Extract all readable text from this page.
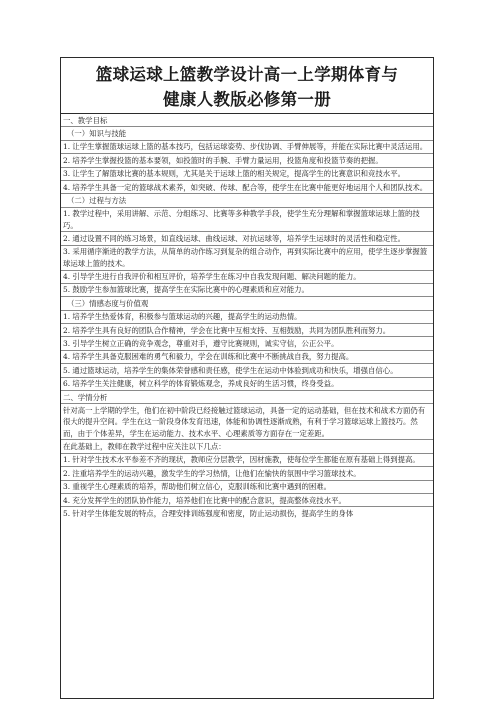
篮球运球上篮教学设计高一上学期体育与
健康人教版必修第一册
一、教学目标
（一）知识与技能
1. 让学生掌握篮球运球上篮的基本技巧，包括运球姿势、步伐协调、手臂伸展等，并能在实际比赛中灵活运用。
2. 培养学生掌握投篮的基本要领，如投篮时的手腕、手臂力量运用，投篮角度和投篮节奏的把握。
3. 让学生了解篮球比赛的基本规则，尤其是关于运球上篮的相关规定，提高学生的比赛意识和竞技水平。
4. 培养学生具备一定的篮球战术素养，如突破、传球、配合等，使学生在比赛中能更好地运用个人和团队技术。
（二）过程与方法
1. 教学过程中，采用讲解、示范、分组练习、比赛等多种教学手段，使学生充分理解和掌握篮球运球上篮的技巧。
2. 通过设置不同的练习场景，如直线运球、曲线运球、对抗运球等，培养学生运球时的灵活性和稳定性。
3. 采用循序渐进的教学方法，从简单的动作练习到复杂的组合动作，再到实际比赛中的应用，使学生逐步掌握篮球运球上篮的技术。
4. 引导学生进行自我评价和相互评价，培养学生在练习中自我发现问题、解决问题的能力。
5. 鼓励学生参加篮球比赛，提高学生在实际比赛中的心理素质和应对能力。
（三）情感态度与价值观
1. 培养学生热爱体育，积极参与篮球运动的兴趣，提高学生的运动热情。
2. 培养学生具有良好的团队合作精神，学会在比赛中互相支持、互相鼓励，共同为团队胜利而努力。
3. 引导学生树立正确的竞争观念，尊重对手，遵守比赛规则，诚实守信，公正公平。
4. 培养学生具备克服困难的勇气和毅力，学会在训练和比赛中不断挑战自我，努力提高。
5. 通过篮球运动，培养学生的集体荣誉感和责任感，使学生在运动中体验到成功和快乐，增强自信心。
6. 培养学生关注健康，树立科学的体育锻炼观念，养成良好的生活习惯，终身受益。
二、学情分析
针对高一上学期的学生，他们在初中阶段已经接触过篮球运动，具备一定的运动基础，但在技术和战术方面仍有很大的提升空间。学生在这一阶段身体发育迅速，体能和协调性逐渐成熟，有利于学习篮球运球上篮技巧。然而，由于个体差异，学生在运动能力、技术水平、心理素质等方面存在一定差距。
在此基础上，教师在教学过程中应关注以下几点：
1. 针对学生技术水平参差不齐的现状，教师应分层教学，因材施教，使每位学生都能在原有基础上得到提高。
2. 注重培养学生的运动兴趣，激发学生的学习热情，让他们在愉快的氛围中学习篮球技术。
3. 重视学生心理素质的培养，帮助他们树立信心，克服训练和比赛中遇到的困难。
4. 充分发挥学生的团队协作能力，培养他们在比赛中的配合意识，提高整体竞技水平。
5. 针对学生体能发展的特点，合理安排训练强度和密度，防止运动损伤，提高学生的身体
